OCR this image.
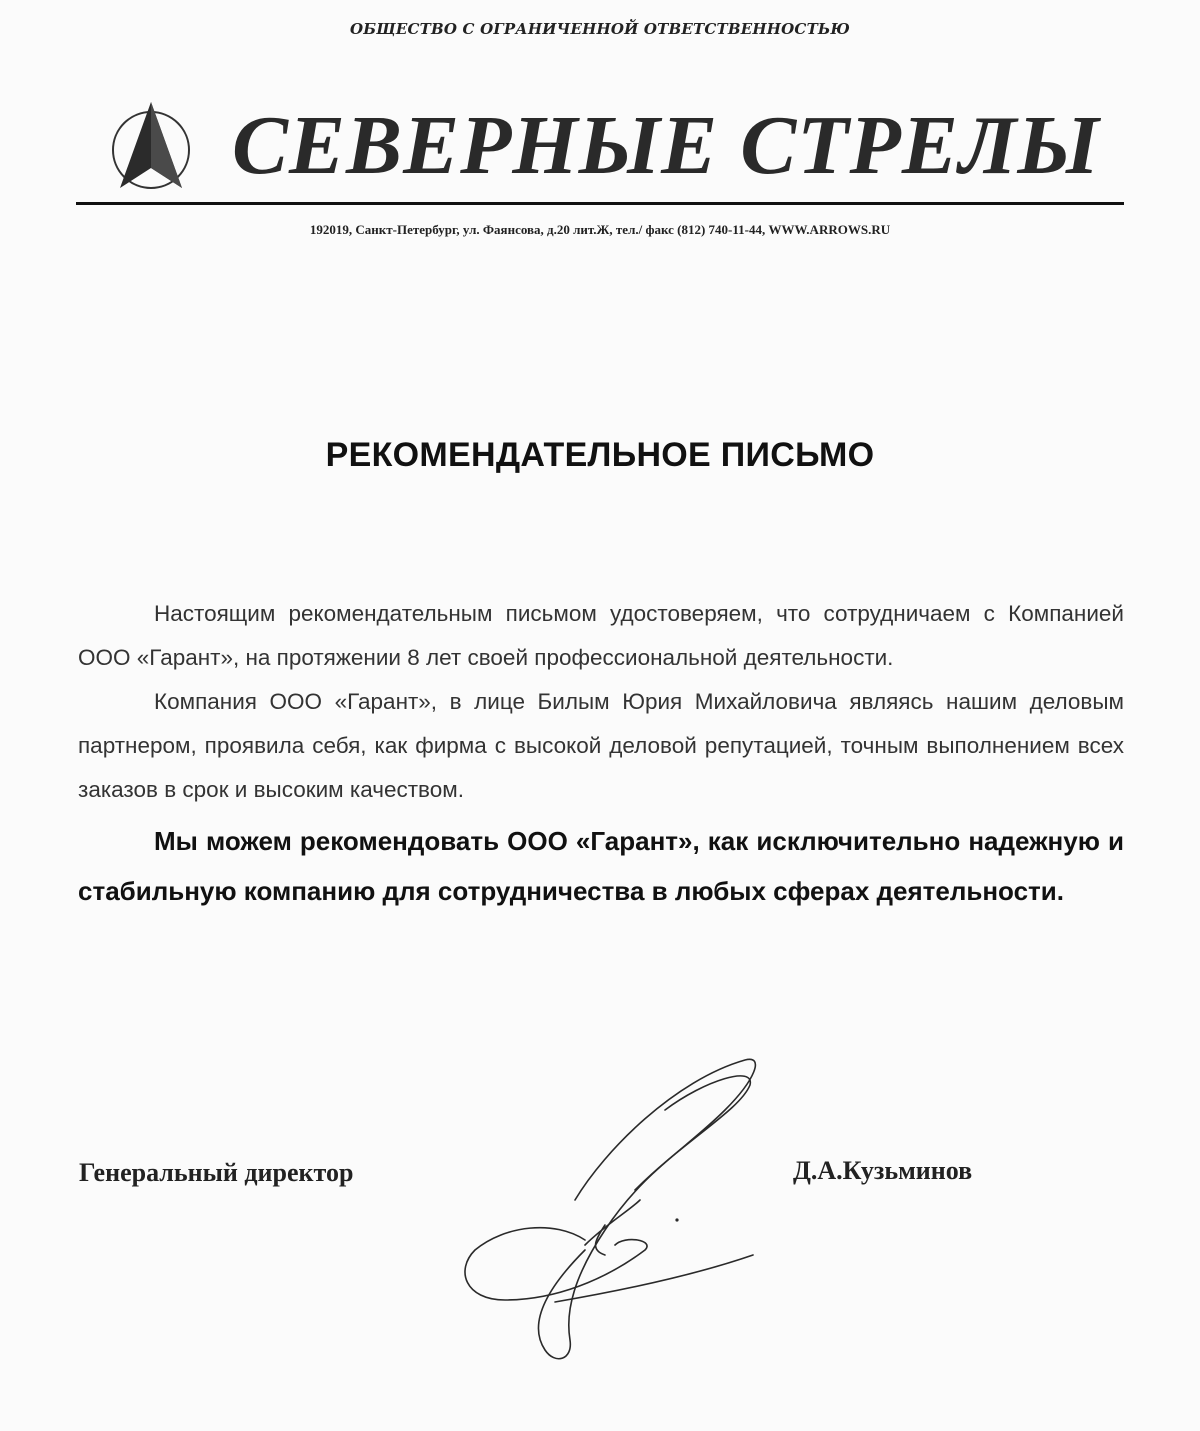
ОБЩЕСТВО С ОГРАНИЧЕННОЙ ОТВЕТСТВЕННОСТЬЮ
СЕВЕРНЫЕ СТРЕЛЫ
192019, Санкт-Петербург, ул. Фаянсова, д.20 лит.Ж, тел./ факс (812) 740-11-44, WWW.ARROWS.RU
РЕКОМЕНДАТЕЛЬНОЕ ПИСЬМО

Настоящим рекомендательным письмом удостоверяем, что сотрудничаем с Компанией ООО «Гарант», на протяжении 8 лет своей профессиональной деятельности.

Компания ООО «Гарант», в лице Билым Юрия Михайловича являясь нашим деловым партнером, проявила себя, как фирма с высокой деловой репутацией, точным выполнением всех заказов в срок и высоким качеством.

Мы можем рекомендовать ООО «Гарант», как исключительно надежную и стабильную компанию для сотрудничества в любых сферах деятельности.

Генеральный директор	Д.А.Кузьминов
